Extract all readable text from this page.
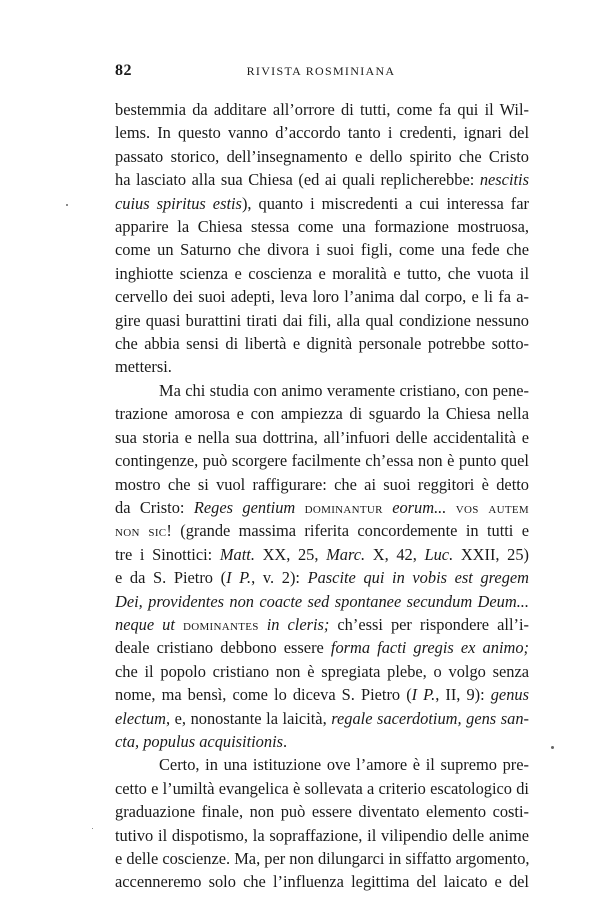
82	RIVISTA ROSMINIANA
bestemmia da additare all’orrore di tutti, come fa qui il Wil-
lems. In questo vanno d’accordo tanto i credenti, ignari del
passato storico, dell’insegnamento e dello spirito che Cristo
ha lasciato alla sua Chiesa (ed ai quali replicherebbe: nescitis
cuius spiritus estis), quanto i miscredenti a cui interessa far
apparire la Chiesa stessa come una formazione mostruosa,
come un Saturno che divora i suoi figli, come una fede che
inghiotte scienza e coscienza e moralità e tutto, che vuota il
cervello dei suoi adepti, leva loro l’anima dal corpo, e li fa a-
gire quasi burattini tirati dai fili, alla qual condizione nessuno
che abbia sensi di libertà e dignità personale potrebbe sotto-
mettersi.
Ma chi studia con animo veramente cristiano, con pene-
trazione amorosa e con ampiezza di sguardo la Chiesa nella
sua storia e nella sua dottrina, all’infuori delle accidentalità e
contingenze, può scorgere facilmente ch’essa non è punto quel
mostro che si vuol raffigurare: che ai suoi reggitori è detto
da Cristo: Reges gentium dominantur eorum... vos autem
non sic! (grande massima riferita concordemente in tutti e
tre i Sinottici: Matt. XX, 25, Marc. X, 42, Luc. XXII, 25)
e da S. Pietro (I P., v. 2): Pascite qui in vobis est gregem
Dei, providentes non coacte sed spontanee secundum Deum...
neque ut dominantes in cleris; ch’essi per rispondere all’i-
deale cristiano debbono essere forma facti gregis ex animo;
che il popolo cristiano non è spregiata plebe, o volgo senza
nome, ma bensì, come lo diceva S. Pietro (I P., II, 9): genus
electum, e, nonostante la laicità, regale sacerdotium, gens san-
cta, populus acquisitionis.
Certo, in una istituzione ove l’amore è il supremo pre-
cetto e l’umiltà evangelica è sollevata a criterio escatologico di
graduazione finale, non può essere diventato elemento costi-
tutivo il dispotismo, la sopraffazione, il vilipendio delle anime
e delle coscienze. Ma, per non dilungarci in siffatto argomento,
accenneremo solo che l’influenza legittima del laicato e del
